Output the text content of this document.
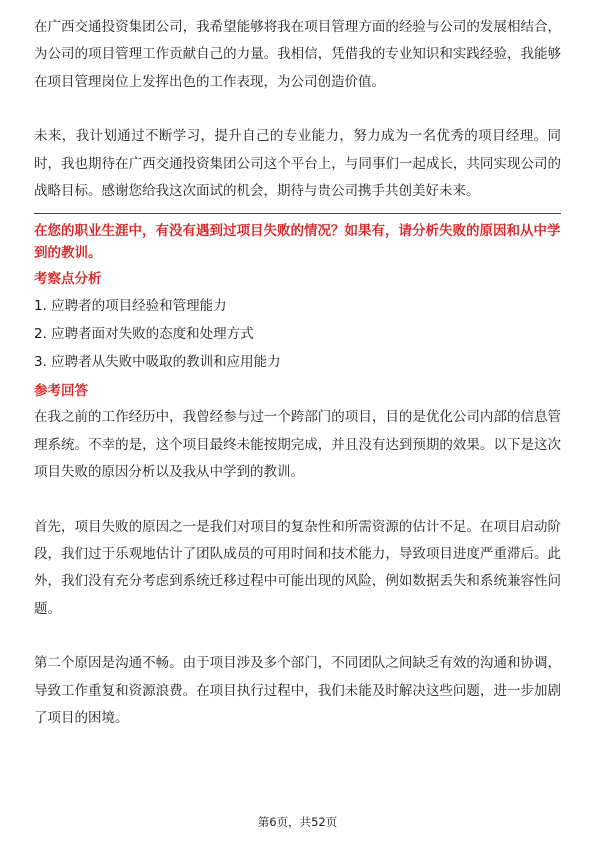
在广西交通投资集团公司，我希望能够将我在项目管理方面的经验与公司的发展相结合，为公司的项目管理工作贡献自己的力量。我相信，凭借我的专业知识和实践经验，我能够在项目管理岗位上发挥出色的工作表现，为公司创造价值。

未来，我计划通过不断学习，提升自己的专业能力，努力成为一名优秀的项目经理。同时，我也期待在广西交通投资集团公司这个平台上，与同事们一起成长，共同实现公司的战略目标。感谢您给我这次面试的机会，期待与贵公司携手共创美好未来。

在您的职业生涯中，有没有遇到过项目失败的情况？如果有，请分析失败的原因和从中学到的教训。

考察点分析

1. 应聘者的项目经验和管理能力

2. 应聘者面对失败的态度和处理方式

3. 应聘者从失败中吸取的教训和应用能力

参考回答

在我之前的工作经历中，我曾经参与过一个跨部门的项目，目的是优化公司内部的信息管理系统。不幸的是，这个项目最终未能按期完成，并且没有达到预期的效果。以下是这次项目失败的原因分析以及我从中学到的教训。

首先，项目失败的原因之一是我们对项目的复杂性和所需资源的估计不足。在项目启动阶段，我们过于乐观地估计了团队成员的可用时间和技术能力，导致项目进度严重滞后。此外，我们没有充分考虑到系统迁移过程中可能出现的风险，例如数据丢失和系统兼容性问题。

第二个原因是沟通不畅。由于项目涉及多个部门，不同团队之间缺乏有效的沟通和协调，导致工作重复和资源浪费。在项目执行过程中，我们未能及时解决这些问题，进一步加剧了项目的困境。

第6页，共52页
